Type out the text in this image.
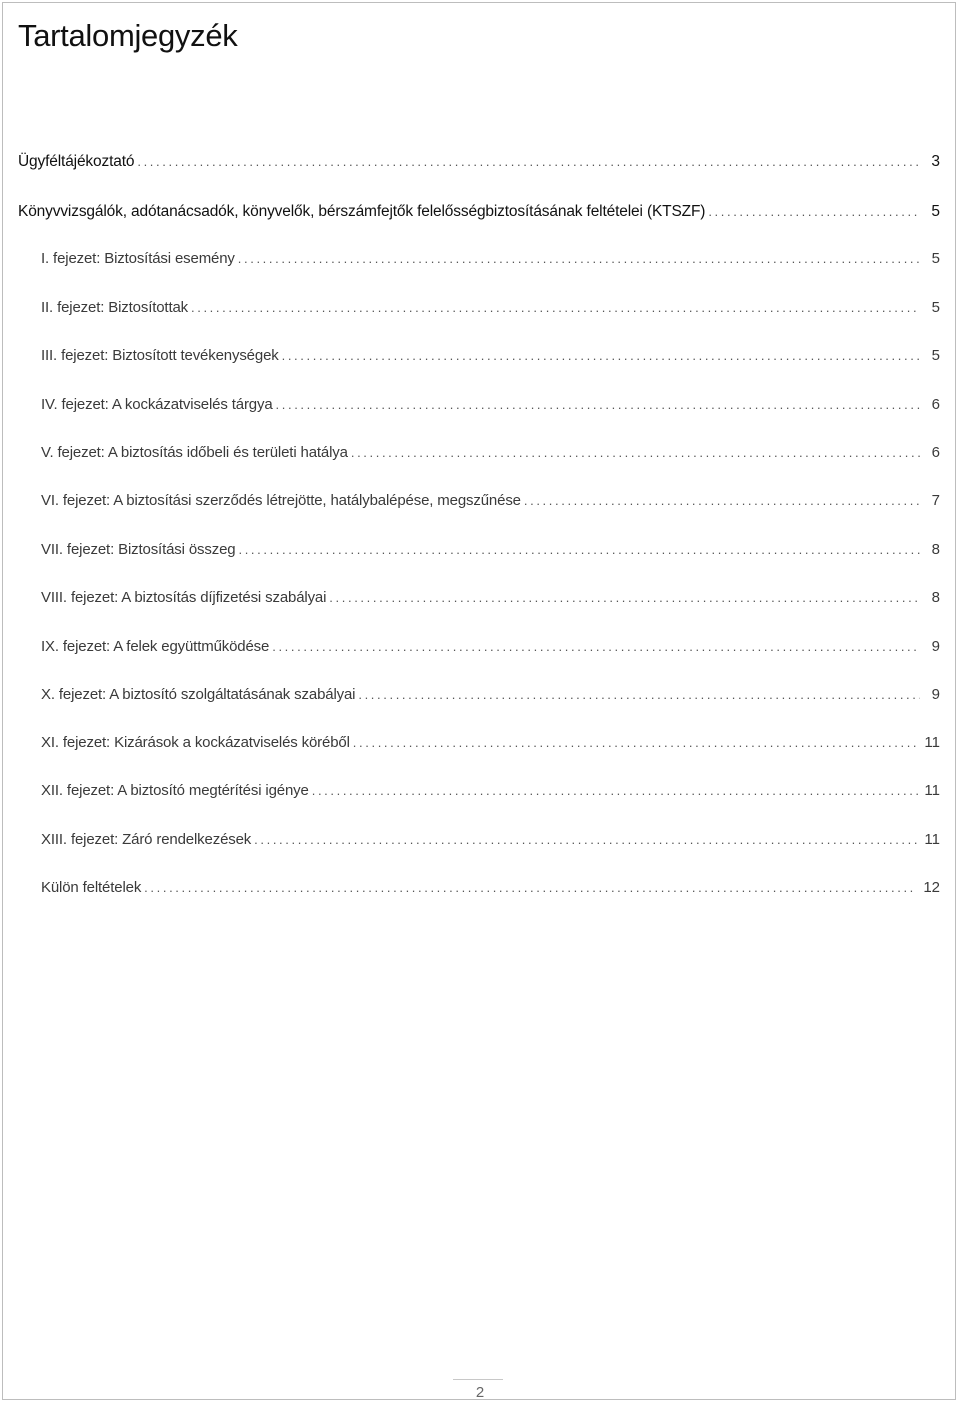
Tartalomjegyzék
Ügyféltájékoztató . . .	3
Könyvvizsgálók, adótanácsadók, könyvelők, bérszámfejtők felelősségbiztosításának feltételei (KTSZF) . . .	5
I. fejezet: Biztosítási esemény . . .	5
II. fejezet: Biztosítottak . . .	5
III. fejezet: Biztosított tevékenységek . . .	5
IV. fejezet: A kockázatviselés tárgya . . .	6
V. fejezet: A biztosítás időbeli és területi hatálya . . .	6
VI. fejezet: A biztosítási szerződés létrejötte, hatálybalépése, megszűnése . . .	7
VII. fejezet: Biztosítási összeg . . .	8
VIII. fejezet: A biztosítás díjfizetési szabályai . . .	8
IX. fejezet: A felek együttműködése . . .	9
X. fejezet: A biztosító szolgáltatásának szabályai . . .	9
XI. fejezet: Kizárások a kockázatviselés köréből . . .	11
XII. fejezet: A biztosító megtérítési igénye . . .	11
XIII. fejezet: Záró rendelkezések . . .	11
Külön feltételek . . .	12
2
